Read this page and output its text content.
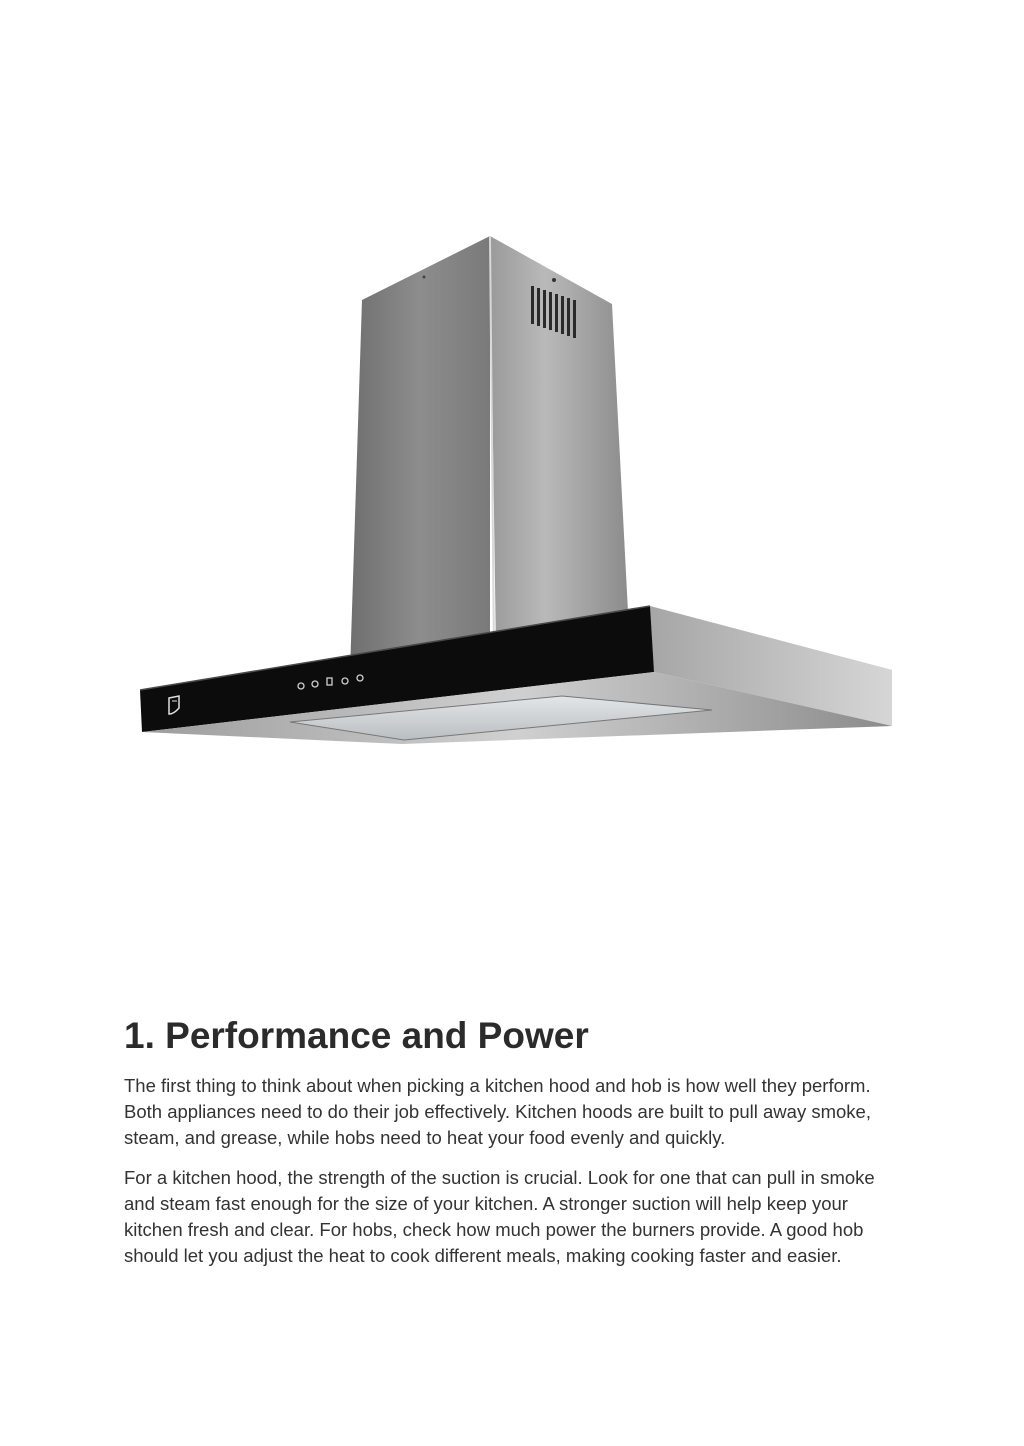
1. Performance and Power

The first thing to think about when picking a kitchen hood and hob is how well they perform. Both appliances need to do their job effectively. Kitchen hoods are built to pull away smoke, steam, and grease, while hobs need to heat your food evenly and quickly.

For a kitchen hood, the strength of the suction is crucial. Look for one that can pull in smoke and steam fast enough for the size of your kitchen. A stronger suction will help keep your kitchen fresh and clear. For hobs, check how much power the burners provide. A good hob should let you adjust the heat to cook different meals, making cooking faster and easier.
